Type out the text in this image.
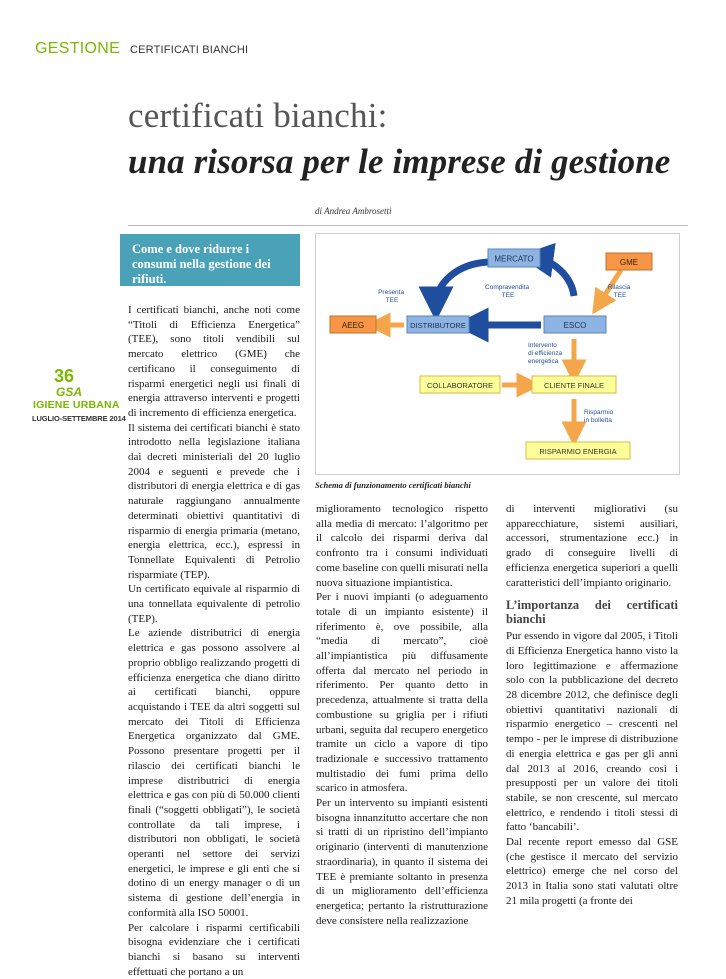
GESTIONE CERTIFICATI BIANCHI
certificati bianchi:
una risorsa per le imprese di gestione
di Andrea Ambrosetti
Come e dove ridurre i consumi nella gestione dei rifiuti.
36
GSA
IGIENE URBANA
LUGLIO-SETTEMBRE 2014

I certificati bianchi, anche noti come “Titoli di Efficienza Energetica” (TEE), sono titoli vendibili sul mercato elettrico (GME) che certificano il conseguimento di risparmi energetici negli usi finali di energia attraverso interventi e progetti di incremento di efficienza energetica.

Il sistema dei certificati bianchi è stato introdotto nella legislazione italiana dai decreti ministeriali del 20 luglio 2004 e seguenti e prevede che i distributori di energia elettrica e di gas naturale raggiungano annualmente determinati obiettivi quantitativi di risparmio di energia primaria (metano, energia elettrica, ecc.), espressi in Tonnellate Equivalenti di Petrolio risparmiate (TEP).

Un certificato equivale al risparmio di una tonnellata equivalente di petrolio (TEP).

Le aziende distributrici di energia elettrica e gas possono assolvere al proprio obbligo realizzando progetti di efficienza energetica che diano diritto ai certificati bianchi, oppure acquistando i TEE da altri soggetti sul mercato dei Titoli di Efficienza Energetica organizzato dal GME. Possono presentare progetti per il rilascio dei certificati bianchi le imprese distributrici di energia elettrica e gas con più di 50.000 clienti finali (“soggetti obbligati”), le società controllate da tali imprese, i distributori non obbligati, le società operanti nel settore dei servizi energetici, le imprese e gli enti che si dotino di un energy manager o di un sistema di gestione dell’energia in conformità alla ISO 50001.

Per calcolare i risparmi certificabili bisogna evidenziare che i certificati bianchi si basano su interventi effettuati che portano a un

MERCATO	GME
AEEG	DISTRIBUTORE	ESCO
COLLABORATORE	CLIENTE FINALE
RISPARMIO ENERGIA
Presenta TEE
Compravendita TEE
Rilascia TEE
Intervento di efficienza energetica
Risparmio in bolletta
Schema di funzionamento certificati bianchi

miglioramento tecnologico rispetto alla media di mercato: l’algoritmo per il calcolo dei risparmi deriva dal confronto tra i consumi individuati come baseline con quelli misurati nella nuova situazione impiantistica.

Per i nuovi impianti (o adeguamento totale di un impianto esistente) il riferimento è, ove possibile, alla “media di mercato”, cioè all’impiantistica più diffusamente offerta dal mercato nel periodo in riferimento. Per quanto detto in precedenza, attualmente si tratta della combustione su griglia per i rifiuti urbani, seguita dal recupero energetico tramite un ciclo a vapore di tipo tradizionale e successivo trattamento multistadio dei fumi prima dello scarico in atmosfera.

Per un intervento su impianti esistenti bisogna innanzitutto accertare che non si tratti di un ripristino dell’impianto originario (interventi di manutenzione straordinaria), in quanto il sistema dei TEE è premiante soltanto in presenza di un miglioramento dell’efficienza energetica; pertanto la ristrutturazione deve consistere nella realizzazione

di interventi migliorativi (su apparecchiature, sistemi ausiliari, accessori, strumentazione ecc.) in grado di conseguire livelli di efficienza energetica superiori a quelli caratteristici dell’impianto originario.

L’importanza dei certificati bianchi

Pur essendo in vigore dal 2005, i Titoli di Efficienza Energetica hanno visto la loro legittimazione e affermazione solo con la pubblicazione del decreto 28 dicembre 2012, che definisce degli obiettivi quantitativi nazionali di risparmio energetico – crescenti nel tempo - per le imprese di distribuzione di energia elettrica e gas per gli anni dal 2013 al 2016, creando così i presupposti per un valore dei titoli stabile, se non crescente, sul mercato elettrico, e rendendo i titoli stessi di fatto ‘bancabili’.

Dal recente report emesso dal GSE (che gestisce il mercato del servizio elettrico) emerge che nel corso del 2013 in Italia sono stati valutati oltre 21 mila progetti (a fronte dei
